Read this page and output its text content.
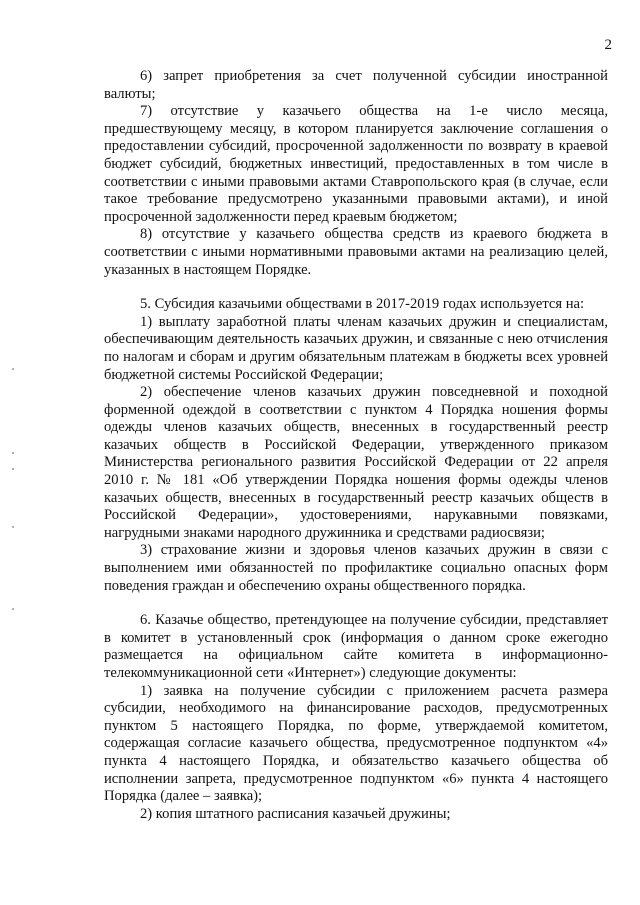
2

6) запрет приобретения за счет полученной субсидии иностранной валюты;

7) отсутствие у казачьего общества на 1-е число месяца, предшествующему месяцу, в котором планируется заключение соглашения о предоставлении субсидий, просроченной задолженности по возврату в краевой бюджет субсидий, бюджетных инвестиций, предоставленных в том числе в соответствии с иными правовыми актами Ставропольского края (в случае, если такое требование предусмотрено указанными правовыми актами), и иной просроченной задолженности перед краевым бюджетом;

8) отсутствие у казачьего общества средств из краевого бюджета в соответствии с иными нормативными правовыми актами на реализацию целей, указанных в настоящем Порядке.

5. Субсидия казачьими обществами в 2017-2019 годах используется на:

1) выплату заработной платы членам казачьих дружин и специалистам, обеспечивающим деятельность казачьих дружин, и связанные с нею отчисления по налогам и сборам и другим обязательным платежам в бюджеты всех уровней бюджетной системы Российской Федерации;

2) обеспечение членов казачьих дружин повседневной и походной форменной одеждой в соответствии с пунктом 4 Порядка ношения формы одежды членов казачьих обществ, внесенных в государственный реестр казачьих обществ в Российской Федерации, утвержденного приказом Министерства регионального развития Российской Федерации от 22 апреля 2010 г. № 181 «Об утверждении Порядка ношения формы одежды членов казачьих обществ, внесенных в государственный реестр казачьих обществ в Российской Федерации», удостоверениями, нарукавными повязками, нагрудными знаками народного дружинника и средствами радиосвязи;

3) страхование жизни и здоровья членов казачьих дружин в связи с выполнением ими обязанностей по профилактике социально опасных форм поведения граждан и обеспечению охраны общественного порядка.

6. Казачье общество, претендующее на получение субсидии, представляет в комитет в установленный срок (информация о данном сроке ежегодно размещается на официальном сайте комитета в информационно-телекоммуникационной сети «Интернет») следующие документы:

1) заявка на получение субсидии с приложением расчета размера субсидии, необходимого на финансирование расходов, предусмотренных пунктом 5 настоящего Порядка, по форме, утверждаемой комитетом, содержащая согласие казачьего общества, предусмотренное подпунктом «4» пункта 4 настоящего Порядка, и обязательство казачьего общества об исполнении запрета, предусмотренное подпунктом «6» пункта 4 настоящего Порядка (далее – заявка);

2) копия штатного расписания казачьей дружины;
